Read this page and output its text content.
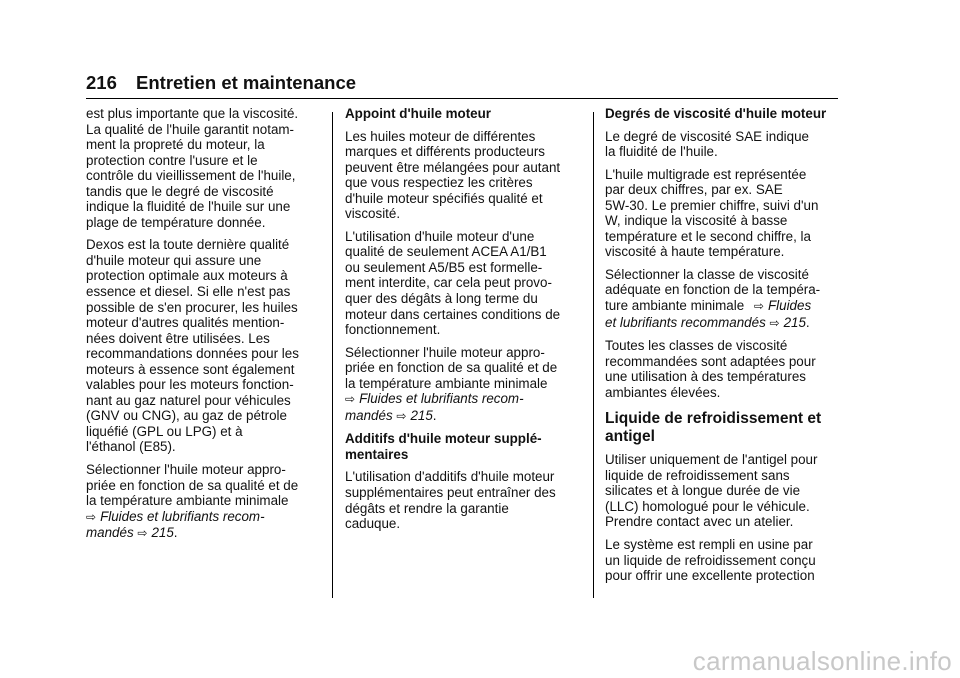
216 Entretien et maintenance
est plus importante que la viscosité.
La qualité de l'huile garantit notam-
ment la propreté du moteur, la
protection contre l'usure et le
contrôle du vieillissement de l'huile,
tandis que le degré de viscosité
indique la fluidité de l'huile sur une
plage de température donnée.
Dexos est la toute dernière qualité
d'huile moteur qui assure une
protection optimale aux moteurs à
essence et diesel. Si elle n'est pas
possible de s'en procurer, les huiles
moteur d'autres qualités mention-
nées doivent être utilisées. Les
recommandations données pour les
moteurs à essence sont également
valables pour les moteurs fonction-
nant au gaz naturel pour véhicules
(GNV ou CNG), au gaz de pétrole
liquéfié (GPL ou LPG) et à
l'éthanol (E85).
Sélectionner l'huile moteur appro-
priée en fonction de sa qualité et de
la température ambiante minimale
⇨ Fluides et lubrifiants recom-
mandés ⇨ 215.
Appoint d'huile moteur
Les huiles moteur de différentes
marques et différents producteurs
peuvent être mélangées pour autant
que vous respectiez les critères
d'huile moteur spécifiés qualité et
viscosité.
L'utilisation d'huile moteur d'une
qualité de seulement ACEA A1/B1
ou seulement A5/B5 est formelle-
ment interdite, car cela peut provo-
quer des dégâts à long terme du
moteur dans certaines conditions de
fonctionnement.
Sélectionner l'huile moteur appro-
priée en fonction de sa qualité et de
la température ambiante minimale
⇨ Fluides et lubrifiants recom-
mandés ⇨ 215.
Additifs d'huile moteur supplé-
mentaires
L'utilisation d'additifs d'huile moteur
supplémentaires peut entraîner des
dégâts et rendre la garantie
caduque.
Degrés de viscosité d'huile moteur
Le degré de viscosité SAE indique
la fluidité de l'huile.
L'huile multigrade est représentée
par deux chiffres, par ex. SAE
5W-30. Le premier chiffre, suivi d'un
W, indique la viscosité à basse
température et le second chiffre, la
viscosité à haute température.
Sélectionner la classe de viscosité
adéquate en fonction de la tempéra-
ture ambiante minimale ⇨ Fluides
et lubrifiants recommandés ⇨ 215.
Toutes les classes de viscosité
recommandées sont adaptées pour
une utilisation à des températures
ambiantes élevées.
Liquide de refroidissement et
antigel
Utiliser uniquement de l'antigel pour
liquide de refroidissement sans
silicates et à longue durée de vie
(LLC) homologué pour le véhicule.
Prendre contact avec un atelier.
Le système est rempli en usine par
un liquide de refroidissement conçu
pour offrir une excellente protection
carmanualsonline.info
